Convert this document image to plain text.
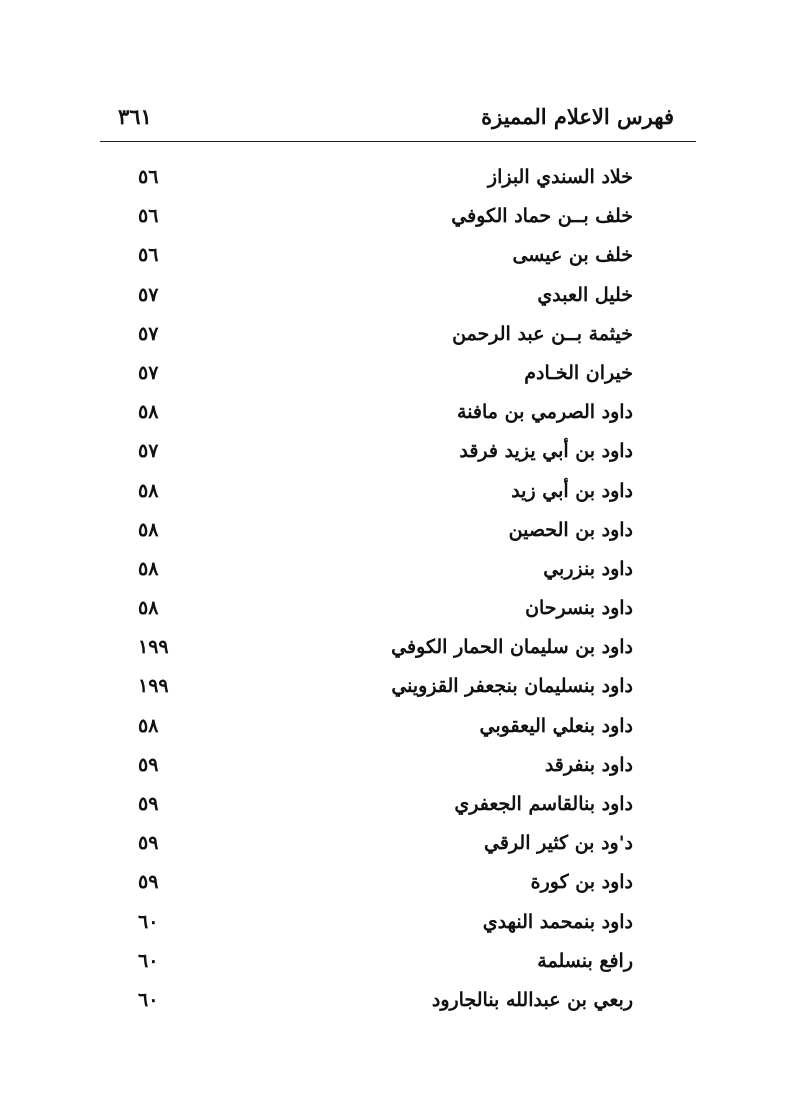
فهرس الاعلام المميزة
٣٦١
خلاد السندي البزاز
٥٦
خلف بــن حماد الكوفي
٥٦
خلف بن عيسى
٥٦
خليل العبدي
٥٧
خيثمة بــن عبد الرحمن
٥٧
خيران الخـادم
٥٧
داود الصرمي بن مافنة
٥٨
داود بن أبي يزيد فرقد
٥٧
داود بن أبي زيد
٥٨
داود بن الحصين
٥٨
داود بنزربي
٥٨
داود بنسرحان
٥٨
داود بن سليمان الحمار الكوفي
١٩٩
داود بنسليمان بنجعفر القزويني
١٩٩
داود بنعلي اليعقوبي
٥٨
داود بنفرقد
٥٩
داود بنالقاسم الجعفري
٥٩
د'ود بن كثير الرقي
٥٩
داود بن كورة
٥٩
داود بنمحمد النهدي
٦٠
رافع بنسلمة
٦٠
ربعي بن عبدالله بنالجارود
٦٠
